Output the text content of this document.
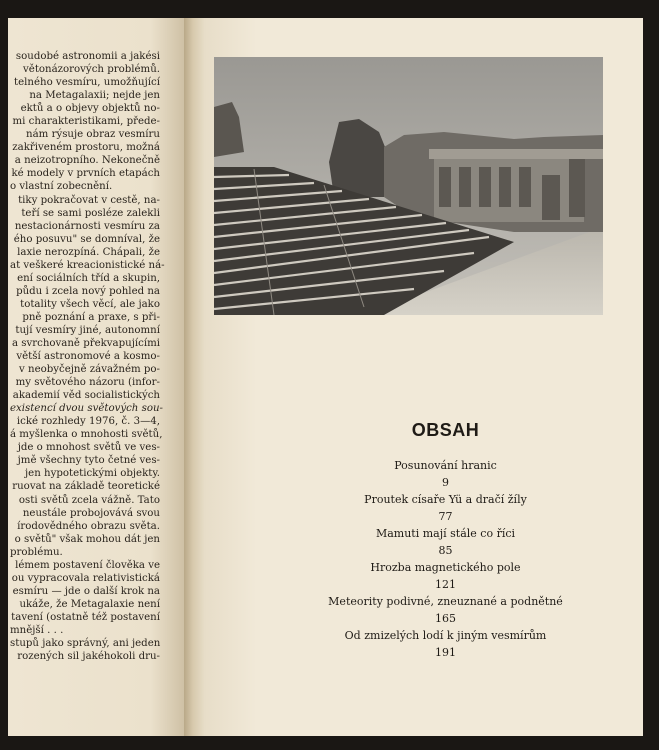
soudobé astronomii a jakési
větonázorových problémů.
telného vesmíru, umožňující
na Metagalaxii; nejde jen
ektů a o objevy objektů no-
mi charakteristikami, přede-
nám rýsuje obraz vesmíru
zakřiveném prostoru, možná
a neizotropního. Nekonečně
ké modely v prvních etapách
o vlastní zobecnění.
tiky pokračovat v cestě, na-
teří se sami posléze zalekli
nestacionárnosti vesmíru za
ého posuvu" se domníval, že
laxie nerozpíná. Chápali, že
at veškeré kreacionistické ná-
ení sociálních tříd a skupin,
půdu i zcela nový pohled na
totality všech věcí, ale jako
pně poznání a praxe, s při-
tují vesmíry jiné, autonomní
a svrchovaně překvapujícími
větší astronomové a kosmo-
v neobyčejně závažném po-
my světového názoru (infor-
akademií věd socialistických
existencí dvou světových sou-
ické rozhledy 1976, č. 3—4,
á myšlenka o mnohosti světů,
jde o mnohost světů ve ves-
jmě všechny tyto četné ves-
jen hypotetickými objekty.
ruovat na základě teoretické
osti světů zcela vážně. Tato
neustále probojovává svou
írodovědného obrazu světa.
o světů" však mohou dát jen
problému.
lémem postavení člověka ve
ou vypracovala relativistická
esmíru — jde o další krok na
ukáže, že Metagalaxie není
tavení (ostatně též postavení
mnější . . .
stupů jako správný, ani jeden
rozených sil jakéhokoli dru-
OBSAH
Posunování hranic
9
Proutek císaře Yü a dračí žíly
77
Mamuti mají stále co říci
85
Hrozba magnetického pole
121
Meteority podivné, zneuznané a podnětné
165
Od zmizelých lodí k jiným vesmírům
191
